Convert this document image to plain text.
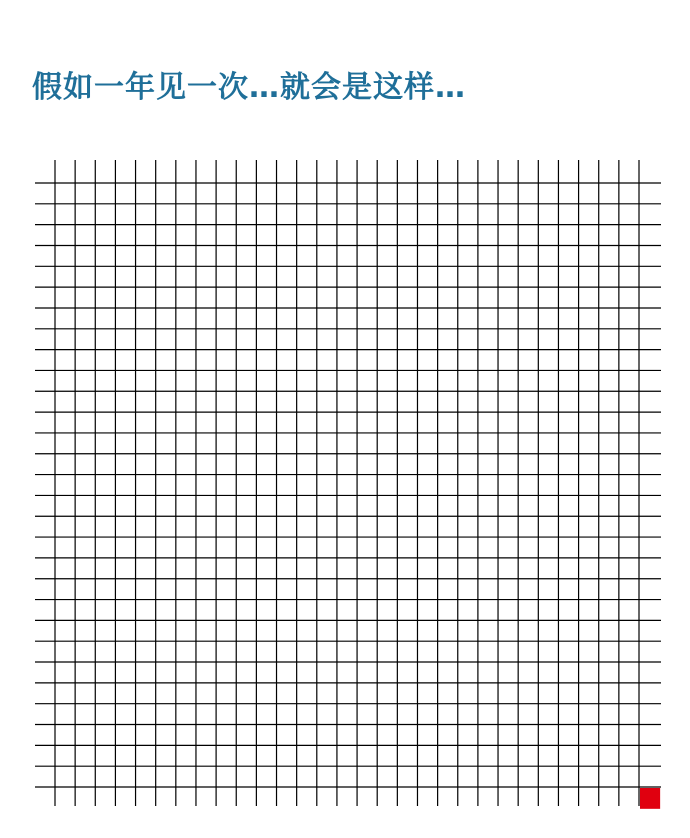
假如一年见一次…就会是这样…
